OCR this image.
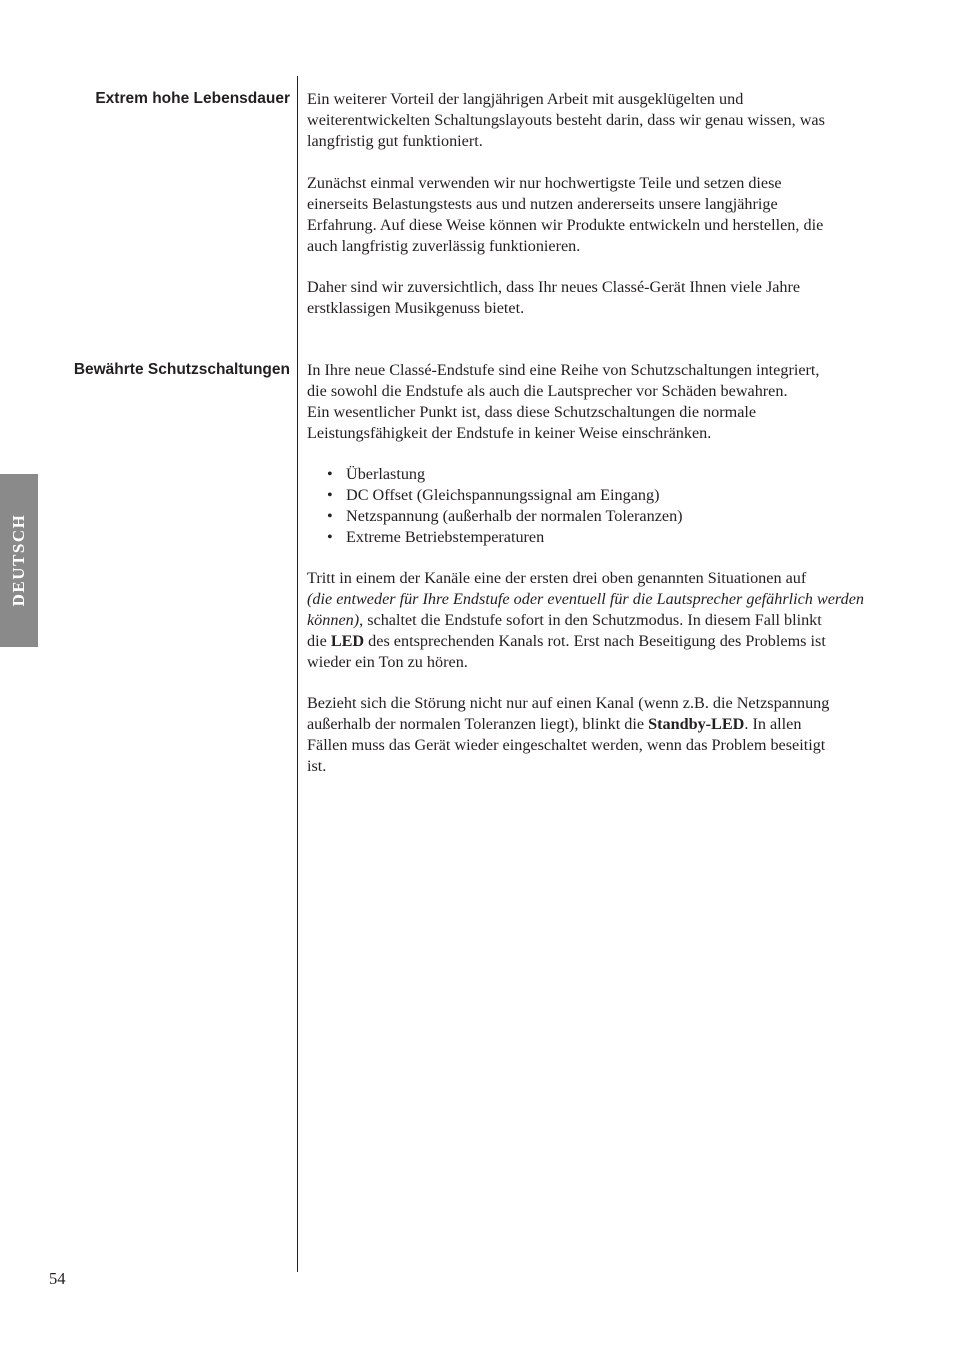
DEUTSCH
Extrem hohe Lebensdauer Ein weiterer Vorteil der langjährigen Arbeit mit ausgeklügelten und
weiterentwickelten Schaltungslayouts besteht darin, dass wir genau wissen, was
langfristig gut funktioniert.

Zunächst einmal verwenden wir nur hochwertigste Teile und setzen diese
einerseits Belastungstests aus und nutzen andererseits unsere langjährige
Erfahrung. Auf diese Weise können wir Produkte entwickeln und herstellen, die
auch langfristig zuverlässig funktionieren.

Daher sind wir zuversichtlich, dass Ihr neues Classé-Gerät Ihnen viele Jahre
erstklassigen Musikgenuss bietet.

Bewährte Schutzschaltungen In Ihre neue Classé-Endstufe sind eine Reihe von Schutzschaltungen integriert,
die sowohl die Endstufe als auch die Lautsprecher vor Schäden bewahren.
Ein wesentlicher Punkt ist, dass diese Schutzschaltungen die normale
Leistungsfähigkeit der Endstufe in keiner Weise einschränken.

• Überlastung
• DC Offset (Gleichspannungssignal am Eingang)
• Netzspannung (außerhalb der normalen Toleranzen)
• Extreme Betriebstemperaturen

Tritt in einem der Kanäle eine der ersten drei oben genannten Situationen auf
(die entweder für Ihre Endstufe oder eventuell für die Lautsprecher gefährlich werden
können), schaltet die Endstufe sofort in den Schutzmodus. In diesem Fall blinkt
die LED des entsprechenden Kanals rot. Erst nach Beseitigung des Problems ist
wieder ein Ton zu hören.

Bezieht sich die Störung nicht nur auf einen Kanal (wenn z.B. die Netzspannung
außerhalb der normalen Toleranzen liegt), blinkt die Standby-LED. In allen
Fällen muss das Gerät wieder eingeschaltet werden, wenn das Problem beseitigt
ist.

54
